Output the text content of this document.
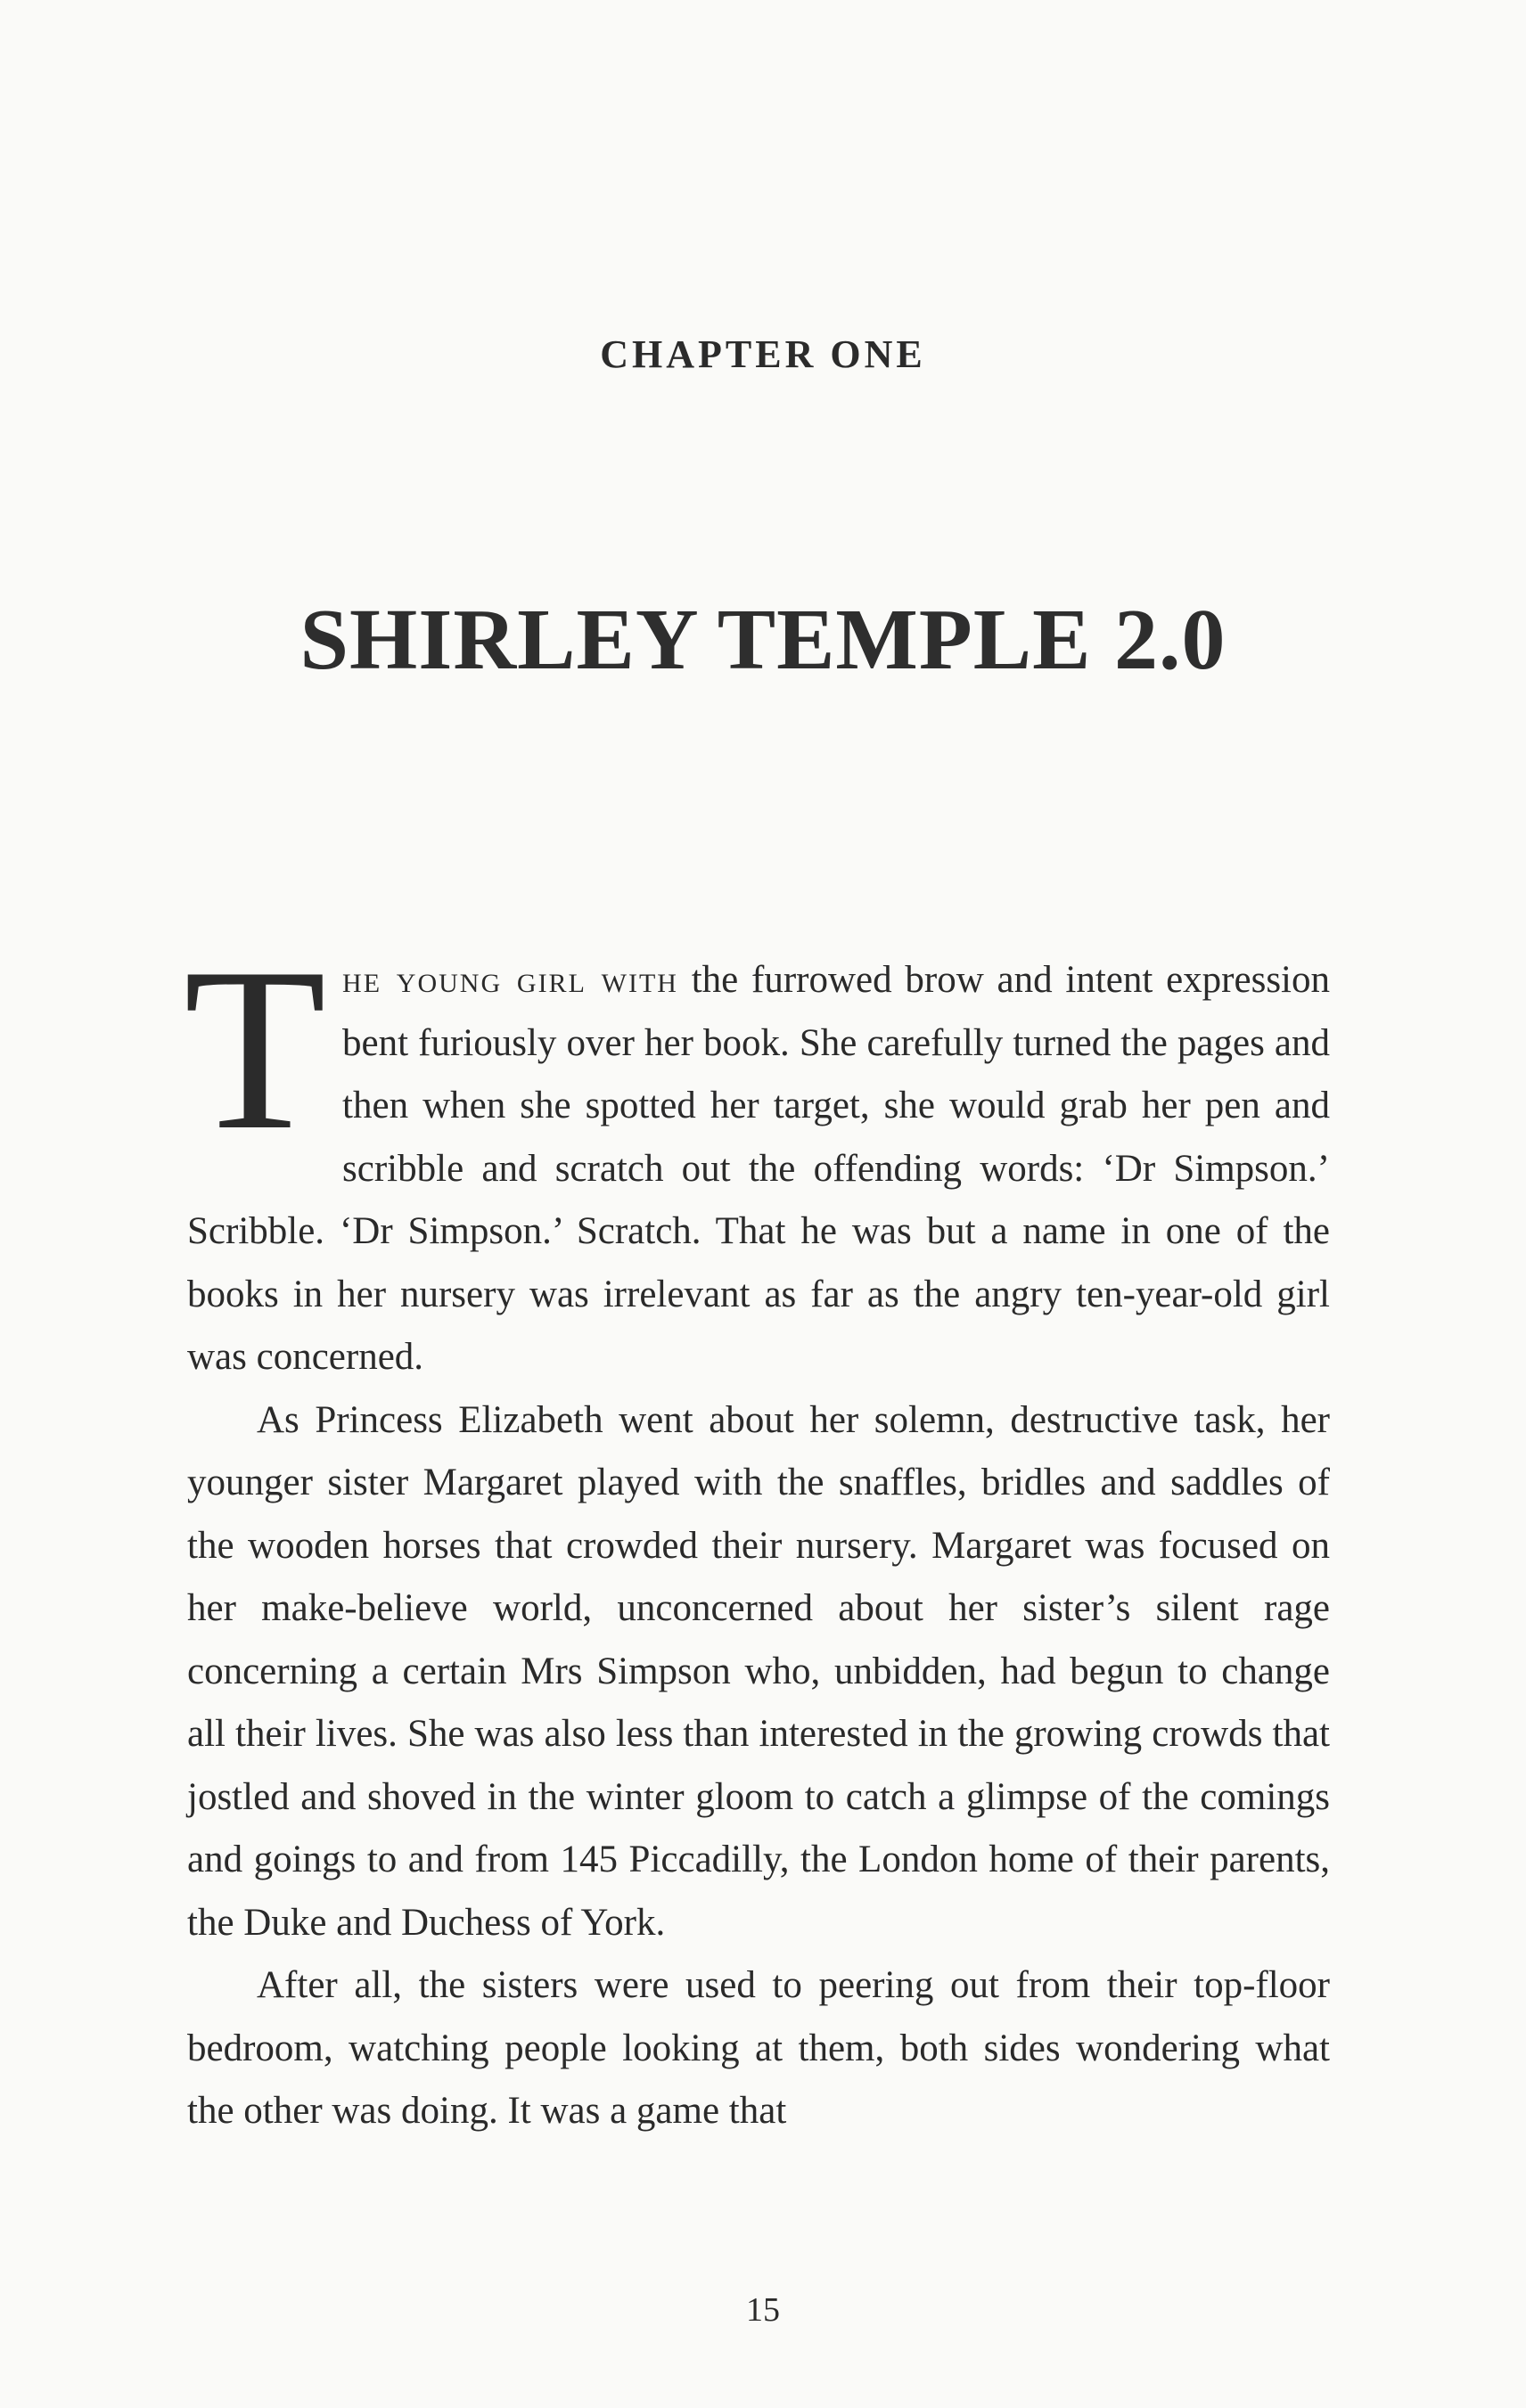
CHAPTER ONE
SHIRLEY TEMPLE 2.0

The young girl with the furrowed brow and intent expression bent furiously over her book. She carefully turned the pages and then when she spotted her target, she would grab her pen and scribble and scratch out the offending words: ‘Dr Simpson.’ Scribble. ‘Dr Simpson.’ Scratch. That he was but a name in one of the books in her nursery was irrelevant as far as the angry ten-year-old girl was concerned.

As Princess Elizabeth went about her solemn, destructive task, her younger sister Margaret played with the snaffles, bridles and saddles of the wooden horses that crowded their nursery. Margaret was focused on her make-believe world, unconcerned about her sister’s silent rage concerning a certain Mrs Simpson who, unbidden, had begun to change all their lives. She was also less than interested in the growing crowds that jostled and shoved in the winter gloom to catch a glimpse of the comings and goings to and from 145 Piccadilly, the London home of their parents, the Duke and Duchess of York.

After all, the sisters were used to peering out from their top-floor bedroom, watching people looking at them, both sides wondering what the other was doing. It was a game that

15
